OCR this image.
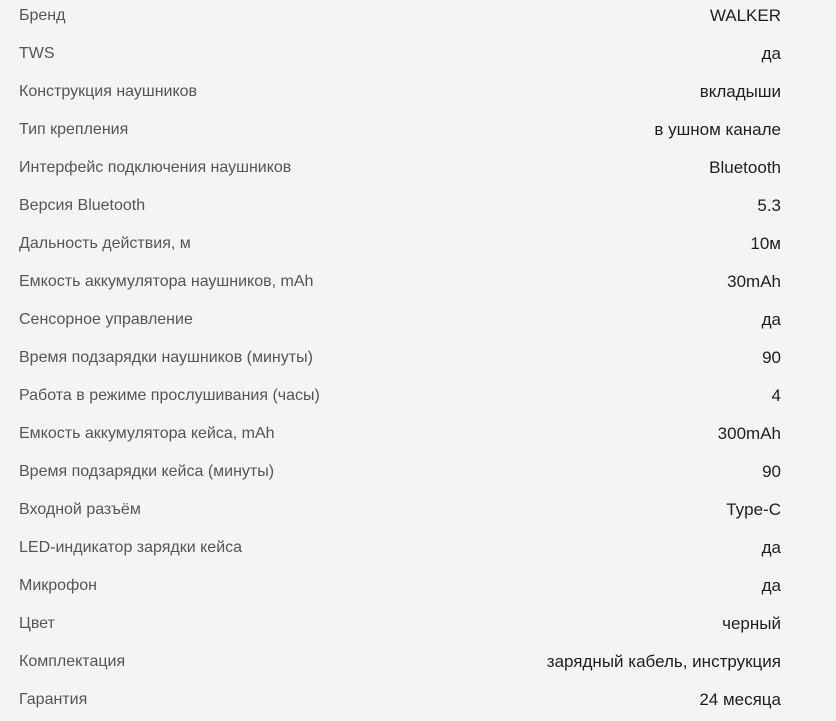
Бренд	WALKER
TWS	да
Конструкция наушников	вкладыши
Тип крепления	в ушном канале
Интерфейс подключения наушников	Bluetooth
Версия Bluetooth	5.3
Дальность действия, м	10м
Емкость аккумулятора наушников, mAh	30mAh
Сенсорное управление	да
Время подзарядки наушников (минуты)	90
Работа в режиме прослушивания (часы)	4
Емкость аккумулятора кейса, mAh	300mAh
Время подзарядки кейса (минуты)	90
Входной разъём	Type-C
LED-индикатор зарядки кейса	да
Микрофон	да
Цвет	черный
Комплектация	зарядный кабель, инструкция
Гарантия	24 месяца
